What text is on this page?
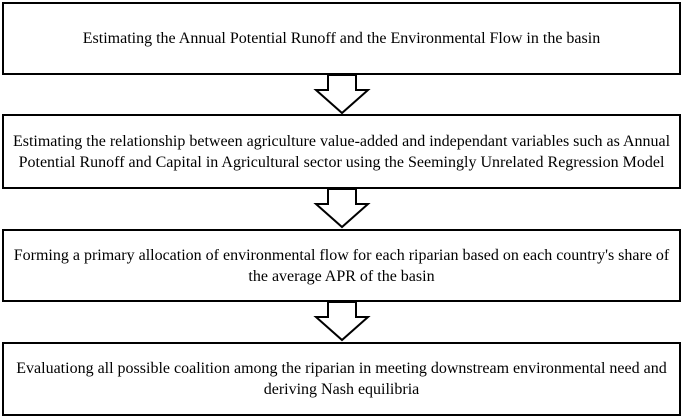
Estimating the Annual Potential Runoff and the Environmental Flow in the basin
Estimating the relationship between agriculture value-added and independant variables such as Annual Potential Runoff and Capital in Agricultural sector using the Seemingly Unrelated Regression Model
Forming a primary allocation of environmental flow for each riparian based on each country's share of the average APR of the basin
Evaluationg all possible coalition among the riparian in meeting downstream environmental need and deriving Nash equilibria
